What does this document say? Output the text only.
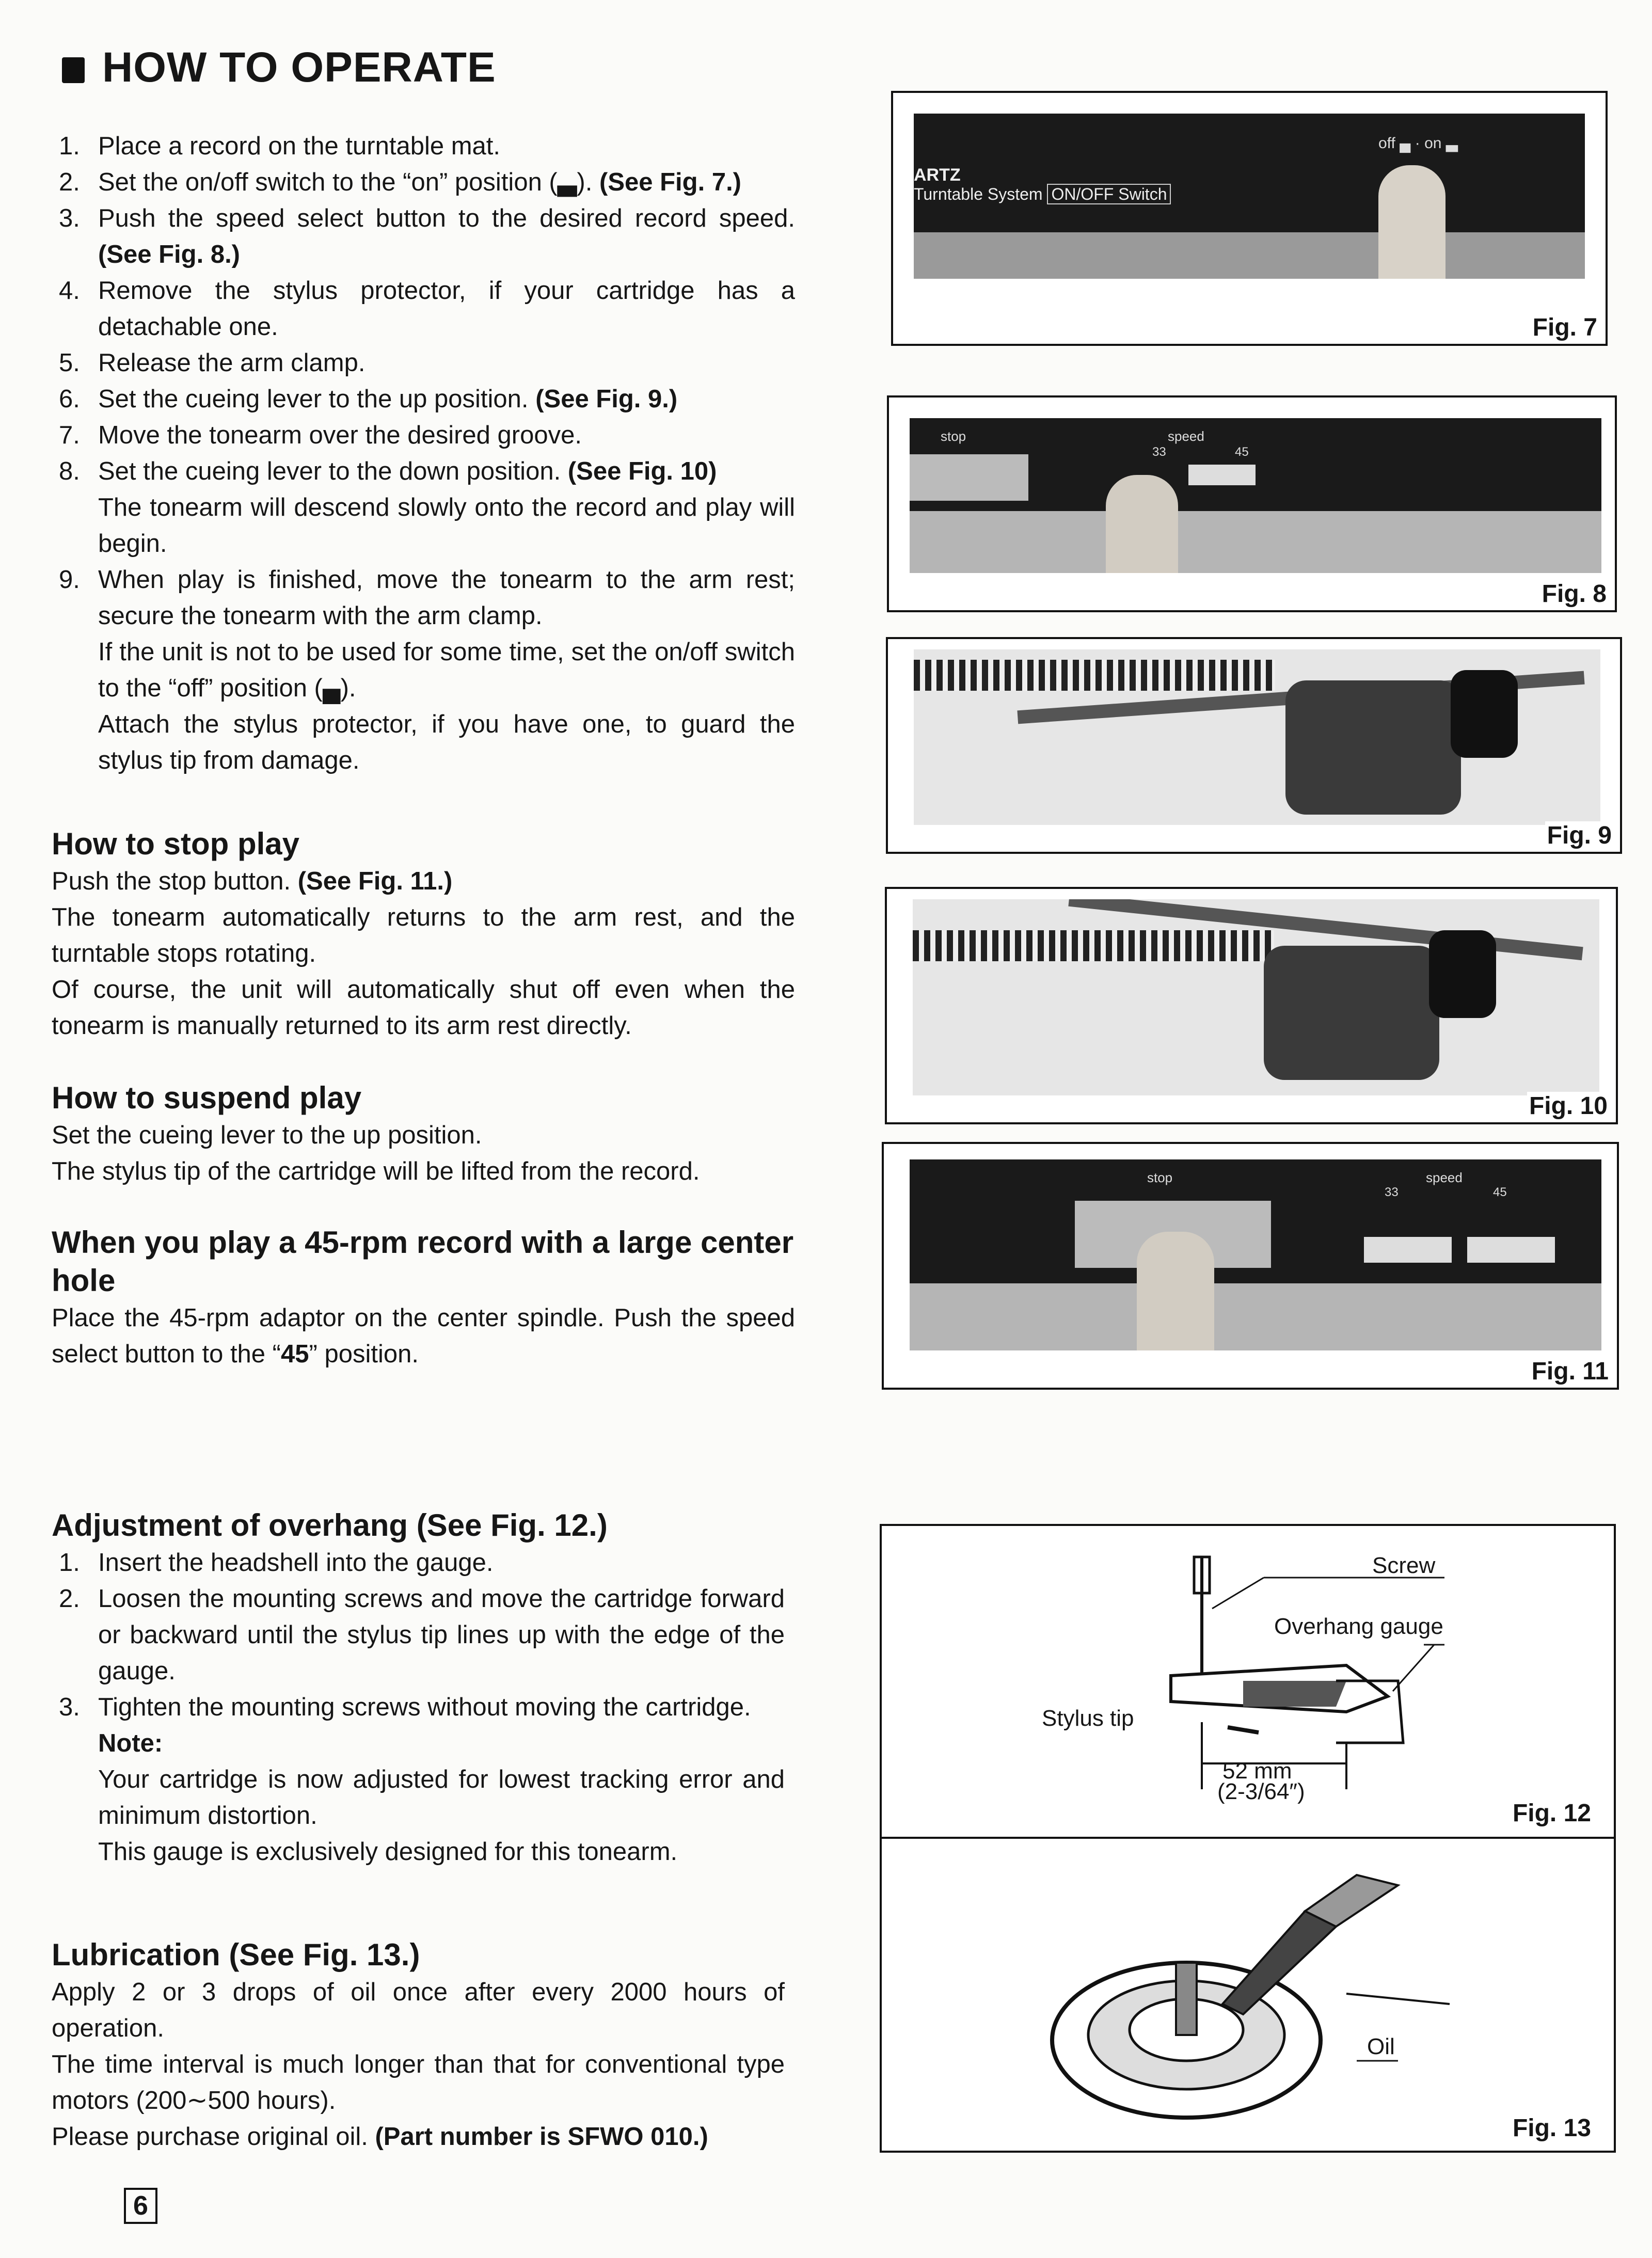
HOW TO OPERATE
1. Place a record on the turntable mat.
2. Set the on/off switch to the “on” position (▃). (See Fig. 7.)
3. Push the speed select button to the desired record speed. (See Fig. 8.)
4. Remove the stylus protector, if your cartridge has a detachable one.
5. Release the arm clamp.
6. Set the cueing lever to the up position. (See Fig. 9.)
7. Move the tonearm over the desired groove.
8. Set the cueing lever to the down position. (See Fig. 10)

The tonearm will descend slowly onto the record and play will begin.

9. When play is finished, move the tonearm to the arm rest; secure the tonearm with the arm clamp.

If the unit is not to be used for some time, set the on/off switch to the “off” position (▄).

Attach the stylus protector, if you have one, to guard the stylus tip from damage.

How to stop play

Push the stop button. (See Fig. 11.)

The tonearm automatically returns to the arm rest, and the turntable stops rotating.

Of course, the unit will automatically shut off even when the tonearm is manually returned to its arm rest directly.

How to suspend play

Set the cueing lever to the up position.

The stylus tip of the cartridge will be lifted from the record.

When you play a 45-rpm record with a large center hole

Place the 45-rpm adaptor on the center spindle. Push the speed select button to the “45” position.

Adjustment of overhang (See Fig. 12.)
1. Insert the headshell into the gauge.
2. Loosen the mounting screws and move the cartridge forward or backward until the stylus tip lines up with the edge of the gauge.
3. Tighten the mounting screws without moving the cartridge.

Note:

Your cartridge is now adjusted for lowest tracking error and minimum distortion.

This gauge is exclusively designed for this tonearm.

Lubrication (See Fig. 13.)

Apply 2 or 3 drops of oil once after every 2000 hours of operation.

The time interval is much longer than that for conventional type motors (200∼500 hours).

Please purchase original oil. (Part number is SFWO 010.)

6
ARTZ
Turntable System ON/OFF Switch
off ▄ · on ▃
Fig. 7
stop	speed
33	45
Fig. 8
Fig. 9
Fig. 10
stop	speed
33	45
Fig. 11
Screw
Overhang gauge
Stylus tip
52 mm
(2-3/64″)
Fig. 12
Oil
Fig. 13
